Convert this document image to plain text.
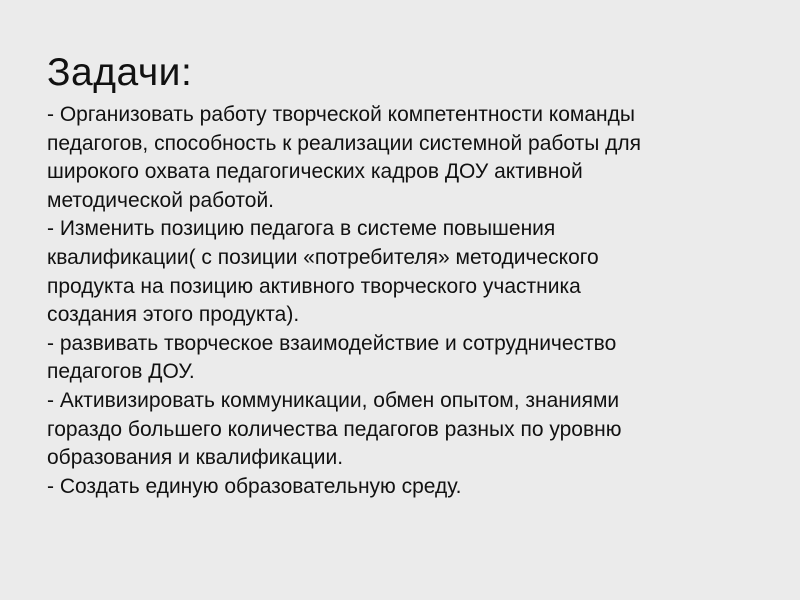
Задачи:
- Организовать работу творческой компетентности команды
педагогов, способность к реализации системной работы для
широкого охвата педагогических кадров ДОУ активной
методической работой.
- Изменить позицию педагога в системе повышения
квалификации( с позиции «потребителя» методического
продукта на позицию активного творческого участника
создания этого продукта).
- развивать творческое взаимодействие и сотрудничество
педагогов ДОУ.
- Активизировать коммуникации, обмен опытом, знаниями
гораздо большего количества педагогов разных по уровню
образования и квалификации.
- Создать единую образовательную среду.
